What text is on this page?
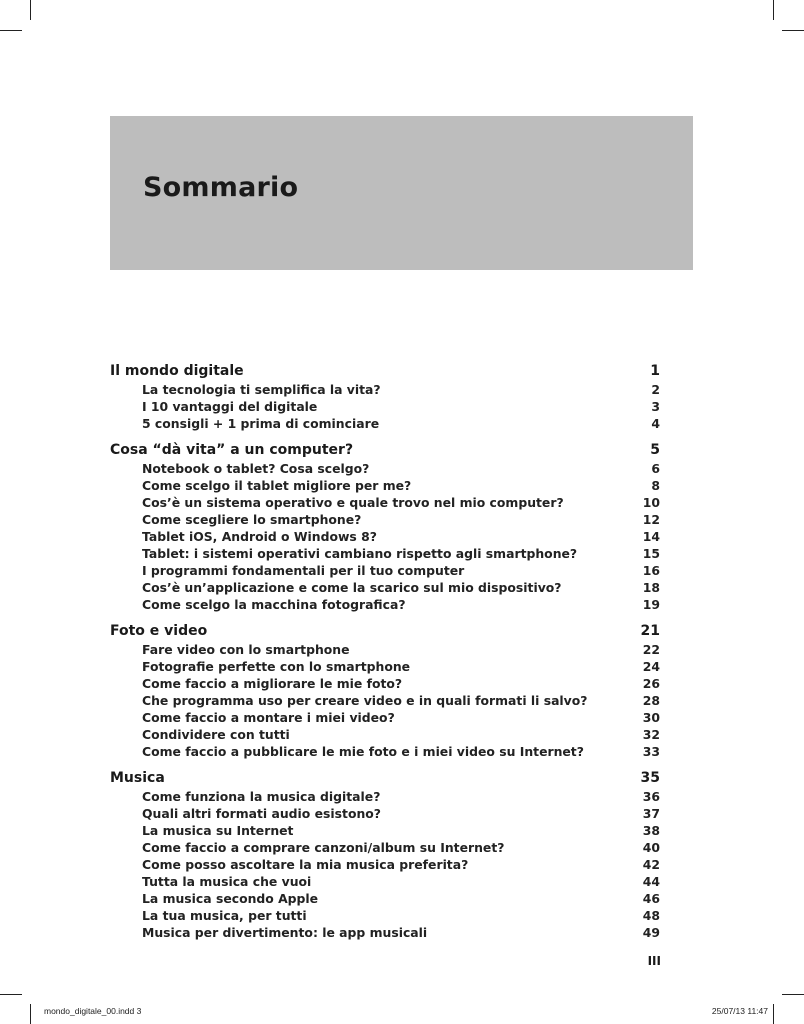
Sommario
Il mondo digitale	1
La tecnologia ti semplifica la vita?	2
I 10 vantaggi del digitale	3
5 consigli + 1 prima di cominciare	4
Cosa “dà vita” a un computer?	5
Notebook o tablet? Cosa scelgo?	6
Come scelgo il tablet migliore per me?	8
Cos’è un sistema operativo e quale trovo nel mio computer?	10
Come scegliere lo smartphone?	12
Tablet iOS, Android o Windows 8?	14
Tablet: i sistemi operativi cambiano rispetto agli smartphone?	15
I programmi fondamentali per il tuo computer	16
Cos’è un’applicazione e come la scarico sul mio dispositivo?	18
Come scelgo la macchina fotografica?	19
Foto e video	21
Fare video con lo smartphone	22
Fotografie perfette con lo smartphone	24
Come faccio a migliorare le mie foto?	26
Che programma uso per creare video e in quali formati li salvo?	28
Come faccio a montare i miei video?	30
Condividere con tutti	32
Come faccio a pubblicare le mie foto e i miei video su Internet?	33
Musica	35
Come funziona la musica digitale?	36
Quali altri formati audio esistono?	37
La musica su Internet	38
Come faccio a comprare canzoni/album su Internet?	40
Come posso ascoltare la mia musica preferita?	42
Tutta la musica che vuoi	44
La musica secondo Apple	46
La tua musica, per tutti	48
Musica per divertimento: le app musicali	49
III
mondo_digitale_00.indd 3	25/07/13 11:47
